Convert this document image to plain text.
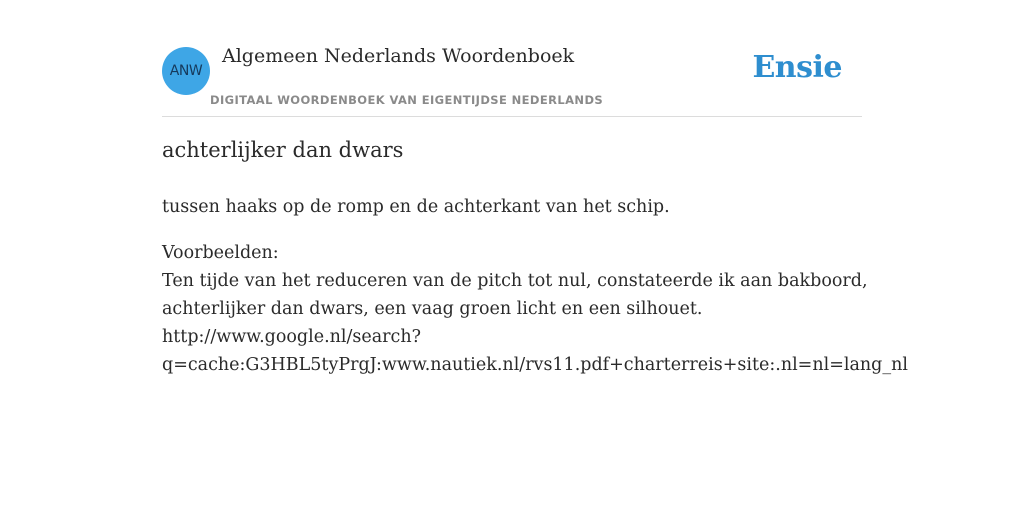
ANW
Algemeen Nederlands Woordenboek
DIGITAAL WOORDENBOEK VAN EIGENTIJDSE NEDERLANDS
Ensie
achterlijker dan dwars
tussen haaks op de romp en de achterkant van het schip.
Voorbeelden:
Ten tijde van het reduceren van de pitch tot nul, constateerde ik aan bakboord,
achterlijker dan dwars, een vaag groen licht en een silhouet.
http://www.google.nl/search?
q=cache:G3HBL5tyPrgJ:www.nautiek.nl/rvs11.pdf+charterreis+site:.nl=nl=lang_nl
